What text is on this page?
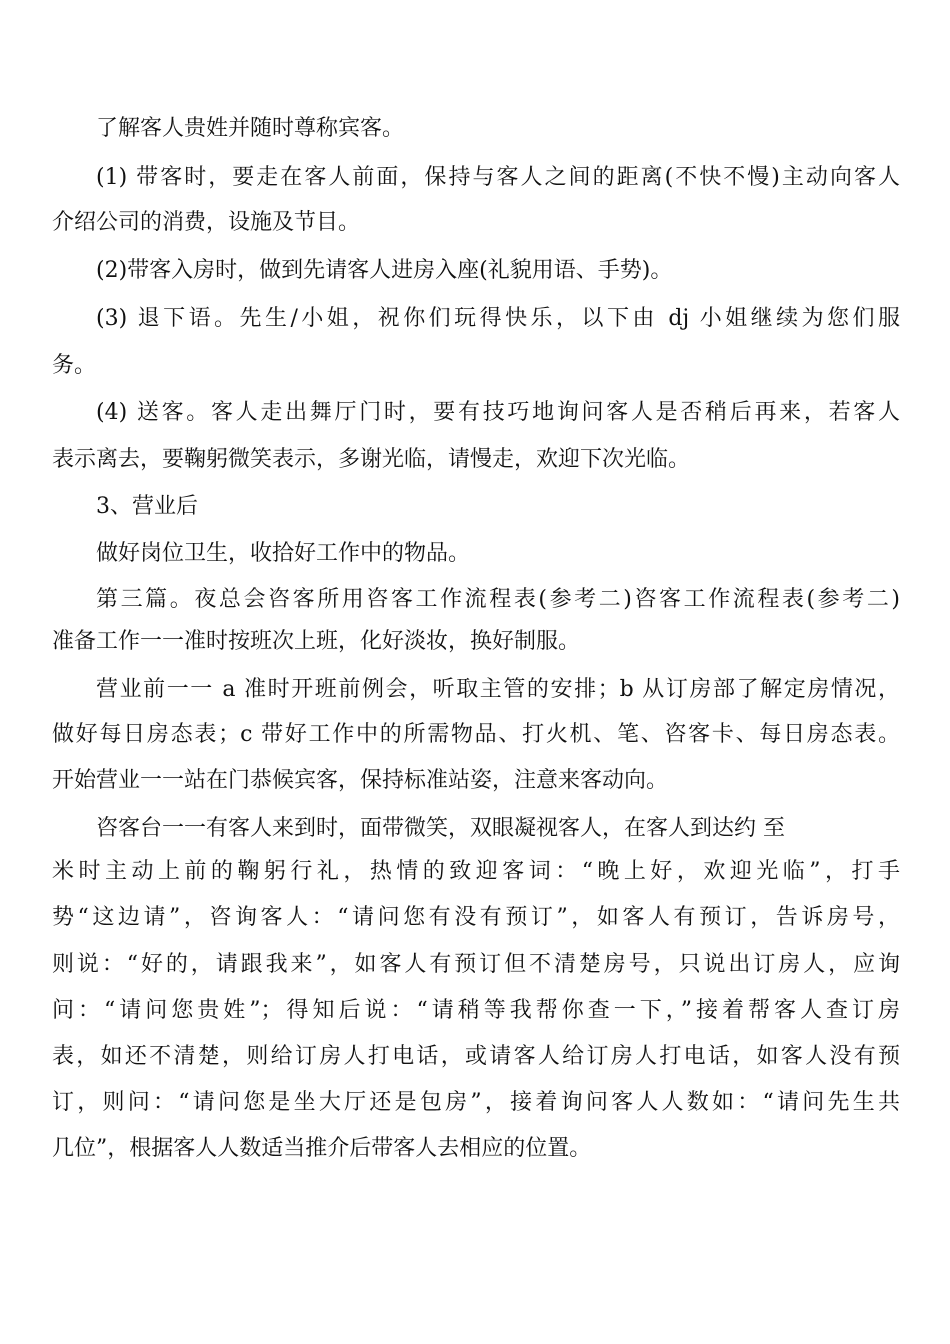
了解客人贵姓并随时尊称宾客。
(1) 带客时，要走在客人前面，保持与客人之间的距离(不快不慢)主动向客人
介绍公司的消费，设施及节目。
(2)带客入房时，做到先请客人进房入座(礼貌用语、手势)。
(3) 退下语。先生/小姐，祝你们玩得快乐，以下由 dj 小姐继续为您们服
务。
(4) 送客。客人走出舞厅门时，要有技巧地询问客人是否稍后再来，若客人
表示离去，要鞠躬微笑表示，多谢光临，请慢走，欢迎下次光临。
3、营业后
做好岗位卫生，收拾好工作中的物品。
第三篇。夜总会咨客所用咨客工作流程表(参考二)咨客工作流程表(参考二)
准备工作一一准时按班次上班，化好淡妆，换好制服。
营业前一一 a 准时开班前例会，听取主管的安排；b 从订房部了解定房情况，
做好每日房态表；c 带好工作中的所需物品、打火机、笔、咨客卡、每日房态表。
开始营业一一站在门恭候宾客，保持标准站姿，注意来客动向。
咨客台一一有客人来到时，面带微笑，双眼凝视客人，在客人到达约 至
米时主动上前的鞠躬行礼，热情的致迎客词：“晚上好，欢迎光临”，打手
势“这边请”，咨询客人：“请问您有没有预订”，如客人有预订，告诉房号，
则说：“好的，请跟我来”，如客人有预订但不清楚房号，只说出订房人，应询
问：“请问您贵姓”；得知后说：“请稍等我帮你查一下，”接着帮客人查订房
表，如还不清楚，则给订房人打电话，或请客人给订房人打电话，如客人没有预
订，则问：“请问您是坐大厅还是包房”，接着询问客人人数如：“请问先生共
几位”，根据客人人数适当推介后带客人去相应的位置。
